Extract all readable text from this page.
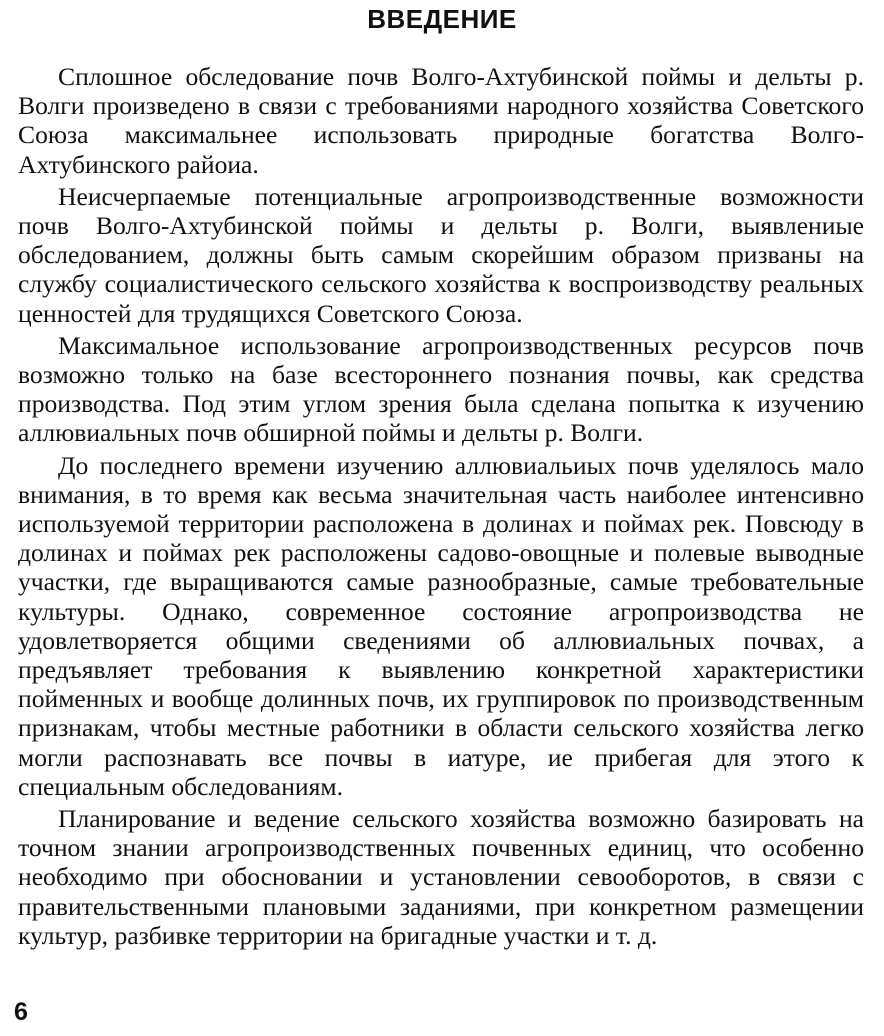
ВВЕДЕНИЕ

Сплошное обследование почв Волго-Ахтубинской поймы и дельты р. Волги произведено в связи с требованиями народного хозяйства Советского Союза максимальнее использовать природные богатства Волго-Ахтубинского райоиа.

Неисчерпаемые потенциальные агропроизводственные возможности почв Волго-Ахтубинской поймы и дельты р. Волги, выявлениые обследованием, должны быть самым скорейшим образом призваны на службу социалистического сельского хозяйства к воспроизводству реальных ценностей для трудящихся Советского Союза.

Максимальное использование агропроизводственных ресурсов почв возможно только на базе всестороннего познания почвы, как средства производства. Под этим углом зрения была сделана попытка к изучению аллювиальных почв обширной поймы и дельты р. Волги.

До последнего времени изучению аллювиальиых почв уделялось мало внимания, в то время как весьма значительная часть наиболее интенсивно используемой территории расположена в долинах и поймах рек. Повсюду в долинах и поймах рек расположены садово-овощные и полевые выводные участки, где выращиваются самые разнообразные, самые требовательные культуры. Однако, современное состояние агропроизводства не удовлетворяется общими сведениями об аллювиальных почвах, а предъявляет требования к выявлению конкретной характеристики пойменных и вообще долинных почв, их группировок по производственным признакам, чтобы местные работники в области сельского хозяйства легко могли распознавать все почвы в иатуре, ие прибегая для этого к специальным обследованиям.

Планирование и ведение сельского хозяйства возможно базировать на точном знании агропроизводственных почвенных единиц, что особенно необходимо при обосновании и установлении севооборотов, в связи с правительственными плановыми заданиями, при конкретном размещении культур, разбивке территории на бригадные участки и т. д.

6
